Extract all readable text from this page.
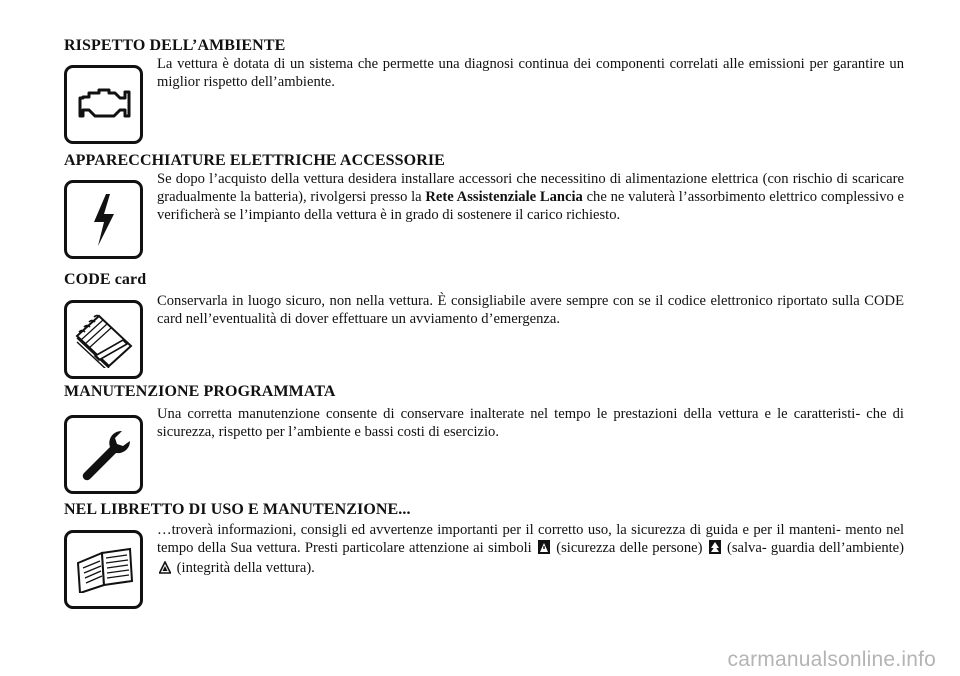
RISPETTO DELL’AMBIENTE

La vettura è dotata di un sistema che permette una diagnosi continua dei componenti correlati alle emissioni per garantire un miglior rispetto dell’ambiente.

APPARECCHIATURE ELETTRICHE ACCESSORIE

Se dopo l’acquisto della vettura desidera installare accessori che necessitino di alimentazione elettrica (con rischio di scaricare gradualmente la batteria), rivolgersi presso la Rete Assistenziale Lancia che ne valuterà l’assorbimento elettrico complessivo e verificherà se l’impianto della vettura è in grado di sostenere il carico richiesto.

CODE card

Conservarla in luogo sicuro, non nella vettura. È consigliabile avere sempre con se il codice elettronico riportato sulla CODE card nell’eventualità di dover effettuare un avviamento d’emergenza.

MANUTENZIONE PROGRAMMATA

Una corretta manutenzione consente di conservare inalterate nel tempo le prestazioni della vettura e le caratteristi- che di sicurezza, rispetto per l’ambiente e bassi costi di esercizio.

NEL LIBRETTO DI USO E MANUTENZIONE...

…troverà informazioni, consigli ed avvertenze importanti per il corretto uso, la sicurezza di guida e per il manteni- mento nel tempo della Sua vettura. Presti particolare attenzione ai simboli (sicurezza delle persone) (salva- guardia dell’ambiente)  (integrità della vettura).

carmanualsonline.info
